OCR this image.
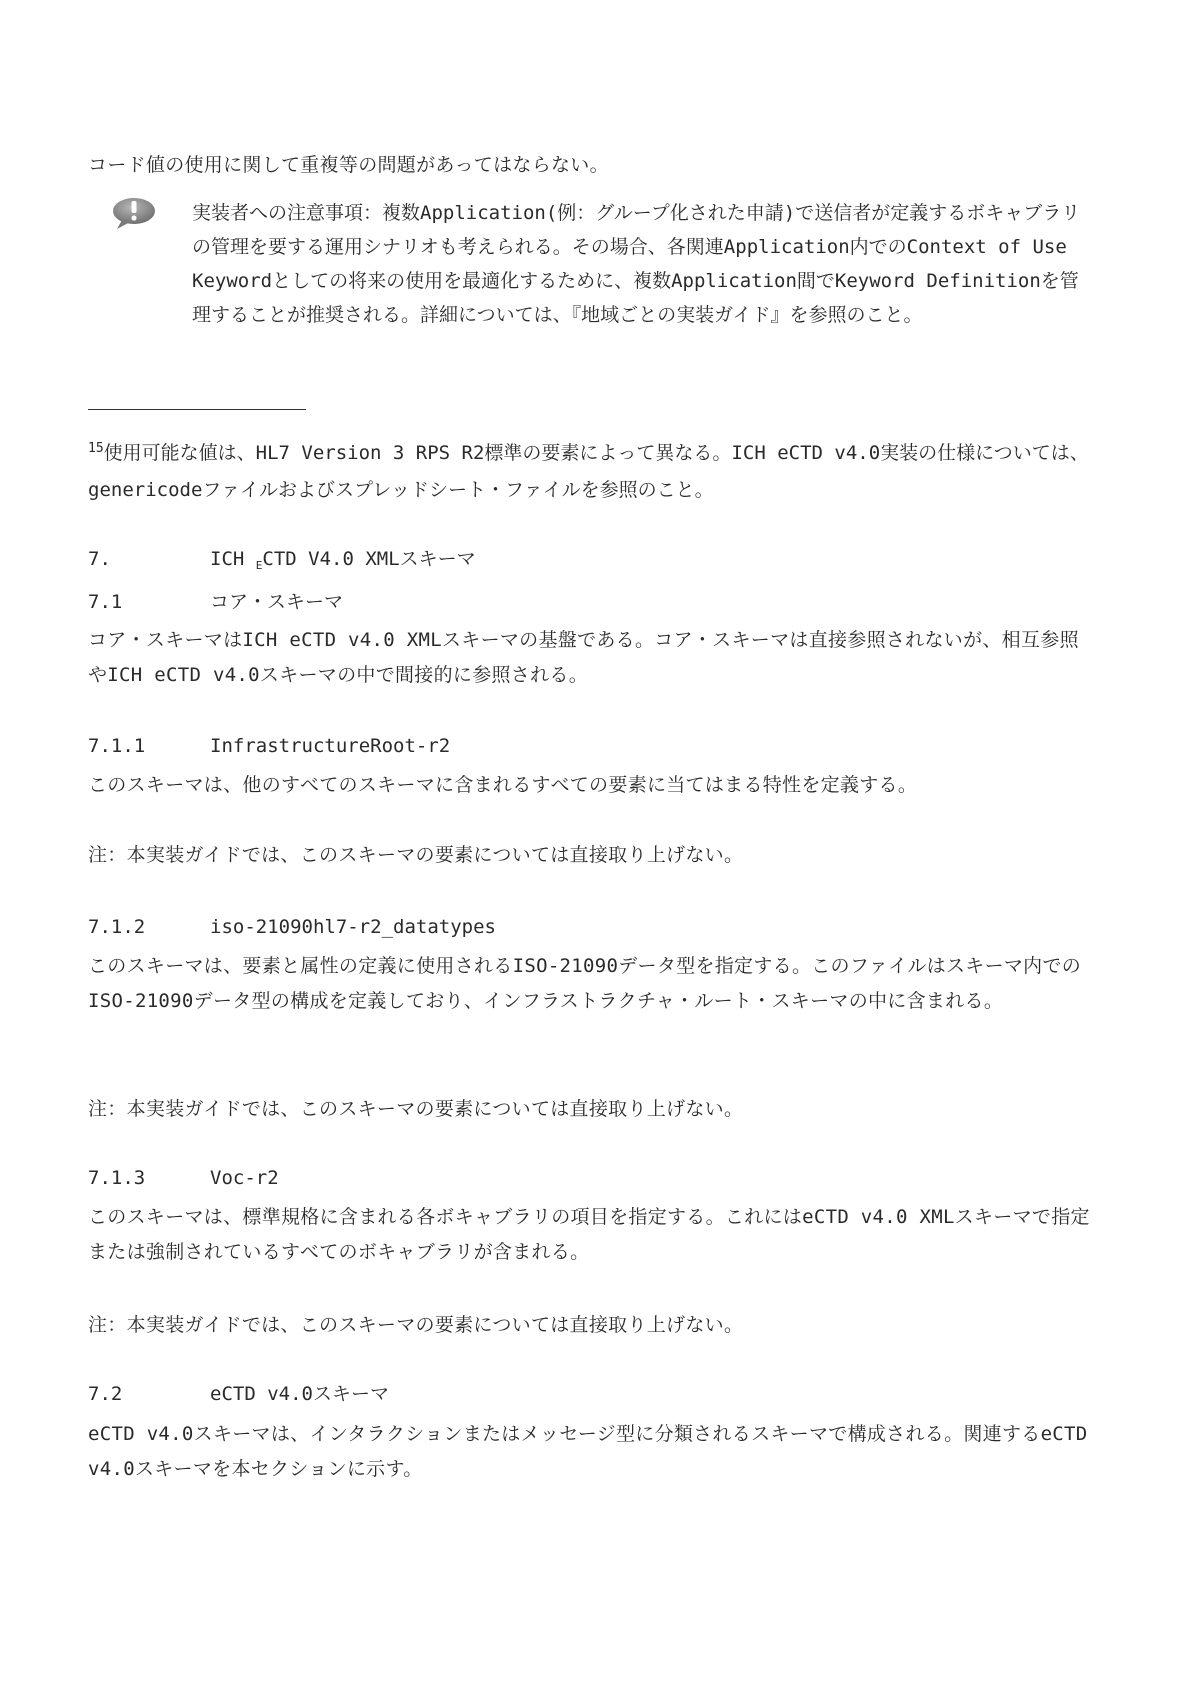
コード値の使用に関して重複等の問題があってはならない。
実装者への注意事項：複数Application(例：グループ化された申請)で送信者が定義するボキャブラリの管理を要する運用シナリオも考えられる。その場合、各関連Application内でのContext of Use Keywordとしての将来の使用を最適化するために、複数Application間でKeyword Definitionを管理することが推奨される。詳細については、『地域ごとの実装ガイド』を参照のこと。
$^{15}$使用可能な値は、HL7 Version 3 RPS R2標準の要素によって異なる。ICH eCTD v4.0実装の仕様については、genericodeファイルおよびスプレッドシート・ファイルを参照のこと。
7.	ICH $_E$CTD V4.0 XMLスキーマ
7.1	コア・スキーマ
コア・スキーマはICH eCTD v4.0 XMLスキーマの基盤である。コア・スキーマは直接参照されないが、相互参照やICH eCTD v4.0スキーマの中で間接的に参照される。
7.1.1	InfrastructureRoot-r2
このスキーマは、他のすべてのスキーマに含まれるすべての要素に当てはまる特性を定義する。
注：本実装ガイドでは、このスキーマの要素については直接取り上げない。
7.1.2	iso-21090hl7-r2_datatypes
このスキーマは、要素と属性の定義に使用されるISO-21090データ型を指定する。このファイルはスキーマ内でのISO-21090データ型の構成を定義しており、インフラストラクチャ・ルート・スキーマの中に含まれる。
注：本実装ガイドでは、このスキーマの要素については直接取り上げない。
7.1.3	Voc-r2
このスキーマは、標準規格に含まれる各ボキャブラリの項目を指定する。これにはeCTD v4.0 XMLスキーマで指定または強制されているすべてのボキャブラリが含まれる。
注：本実装ガイドでは、このスキーマの要素については直接取り上げない。
7.2	eCTD v4.0スキーマ
eCTD v4.0スキーマは、インタラクションまたはメッセージ型に分類されるスキーマで構成される。関連するeCTD v4.0スキーマを本セクションに示す。
